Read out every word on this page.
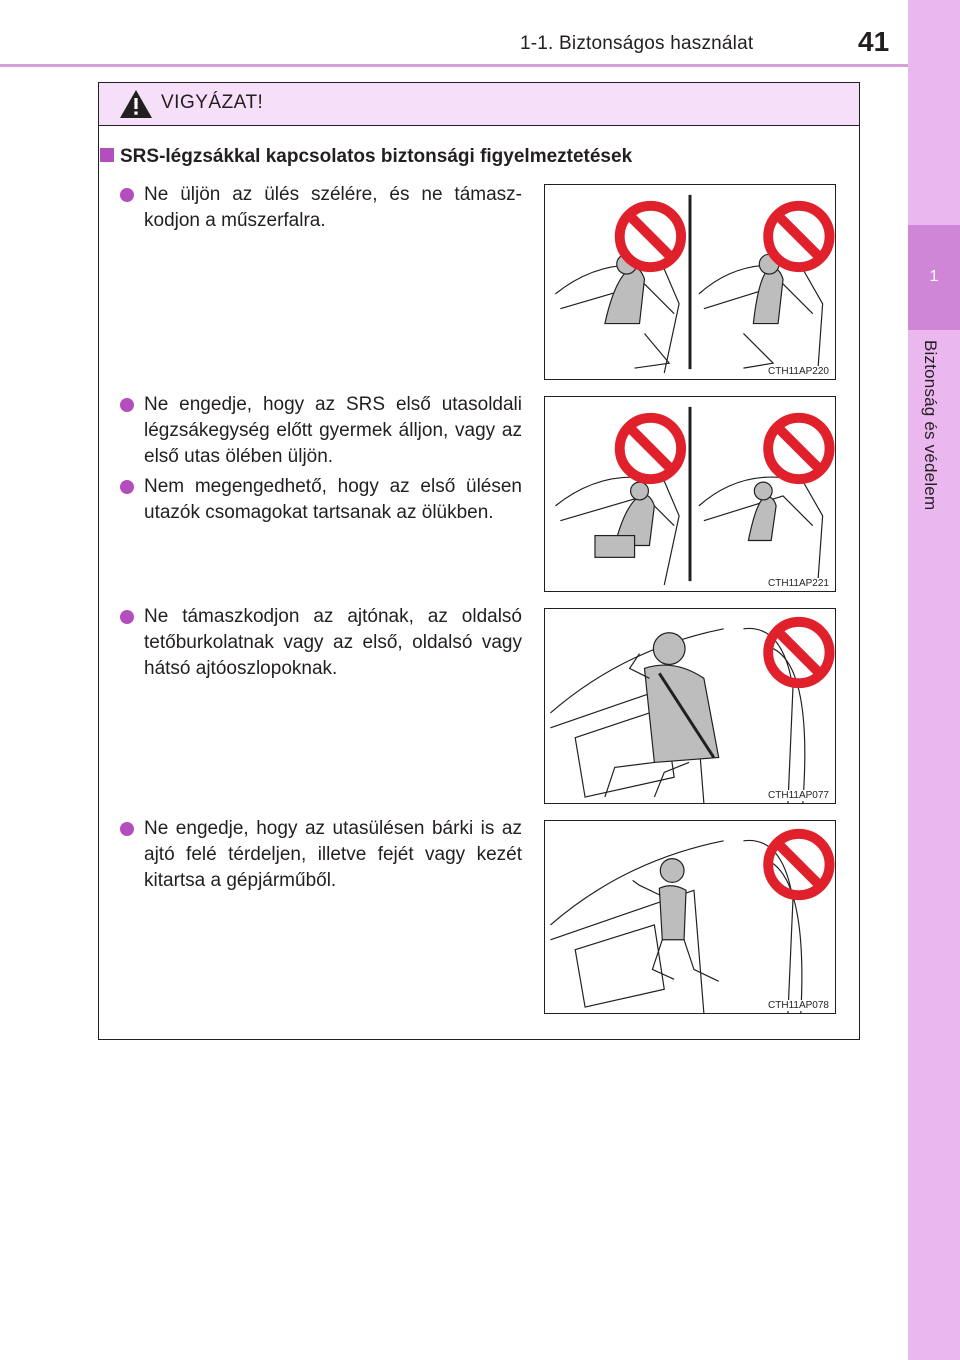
1-1. Biztonságos használat	41
1
Biztonság és védelem
VIGYÁZAT!
SRS-légzsákkal kapcsolatos biztonsági figyelmeztetések
Ne üljön az ülés szélére, és ne támaszkodjon a műszerfalra.
Ne engedje, hogy az SRS első utasoldali légzsákegység előtt gyermek álljon, vagy az első utas ölében üljön.
Nem megengedhető, hogy az első ülésen utazók csomagokat tartsanak az ölükben.
Ne támaszkodjon az ajtónak, az oldalsó tetőburkolatnak vagy az első, oldalsó vagy hátsó ajtóoszlopoknak.
Ne engedje, hogy az utasülésen bárki is az ajtó felé térdeljen, illetve fejét vagy kezét kitartsa a gépjárműből.
CTH11AP220
CTH11AP221
CTH11AP077
CTH11AP078
